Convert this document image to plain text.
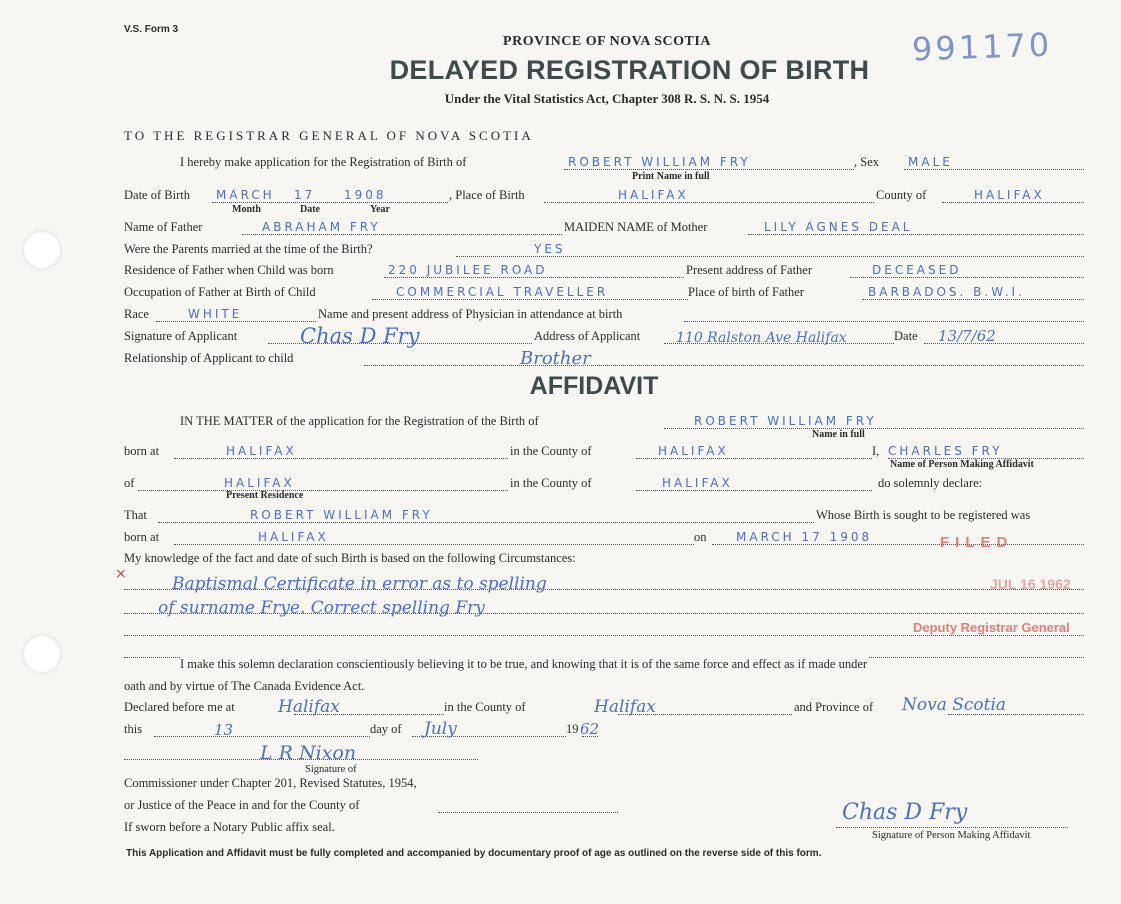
V.S. Form 3	991170
PROVINCE OF NOVA SCOTIA
DELAYED REGISTRATION OF BIRTH
Under the Vital Statistics Act, Chapter 308 R. S. N. S. 1954
TO THE REGISTRAR GENERAL OF NOVA SCOTIA
I hereby make application for the Registration of Birth of	ROBERT WILLIAM FRY	, Sex MALE
Print Name in full
Date of Birth MARCH 17 1908	, Place of Birth	HALIFAX	County of	HALIFAX
Month	Date	Year
Name of Father	ABRAHAM FRY	MAIDEN NAME of Mother	LILY AGNES DEAL
Were the Parents married at the time of the Birth?	YES
Residence of Father when Child was born	220 JUBILEE ROAD	Present address of Father	DECEASED
Occupation of Father at Birth of Child	COMMERCIAL TRAVELLER	Place of birth of Father	BARBADOS. B.W.I.
Race	WHITE	Name and present address of Physician in attendance at birth
Signature of Applicant	Chas D Fry	Address of Applicant	110 Ralston Ave Halifax	Date 13/7/62
Relationship of Applicant to child	Brother
AFFIDAVIT
IN THE MATTER of the application for the Registration of the Birth of	ROBERT WILLIAM FRY
Name in full
born at	HALIFAX	in the County of	HALIFAX	I, CHARLES FRY
Name of Person Making Affidavit
of	HALIFAX	in the County of	HALIFAX	do solemnly declare:
Present Residence
That	ROBERT WILLIAM FRY	Whose Birth is sought to be registered was
born at	HALIFAX	on MARCH 17 1908
My knowledge of the fact and date of such Birth is based on the following Circumstances:
×	Baptismal Certificate in error as to spelling
of surname Frye. Correct spelling Fry
FILED
JUL 16 1962
Deputy Registrar General
I make this solemn declaration conscientiously believing it to be true, and knowing that it is of the same force and effect as if made under
oath and by virtue of The Canada Evidence Act.
Declared before me at	Halifax	in the County of	Halifax	and Province of Nova Scotia
this	13	day of July	19 62
L R Nixon
Signature of
Commissioner under Chapter 201, Revised Statutes, 1954,
or Justice of the Peace in and for the County of
If sworn before a Notary Public affix seal.
Chas D Fry
Signature of Person Making Affidavit
This Application and Affidavit must be fully completed and accompanied by documentary proof of age as outlined on the reverse side of this form.
